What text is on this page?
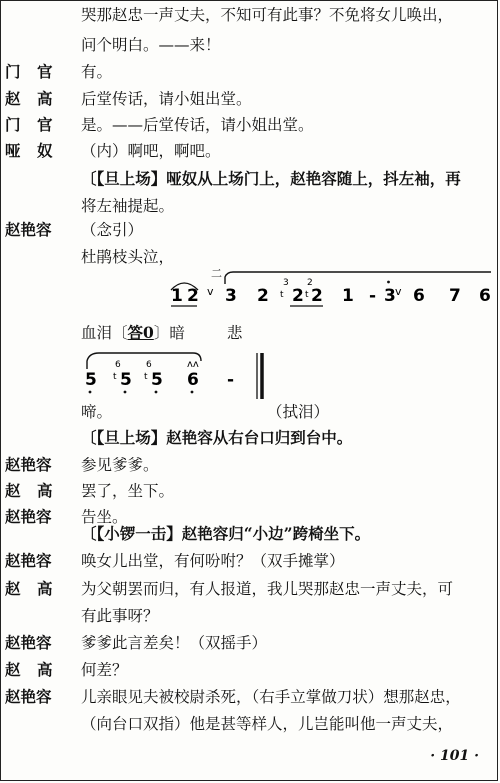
哭那赵忠一声丈夫，不知可有此事？不免将女儿唤出，
问个明白。——来！
门 官	有。
赵 高	后堂传话，请小姐出堂。
门 官	是。——后堂传话，请小姐出堂。
哑 奴	（内）啊吧，啊吧。
〔【旦上场】哑奴从上场门上，赵艳容随上，抖左袖，再
将左袖提起。
赵艳容 （念引）
杜鹃枝头泣，
二
v
1 2 3 2
3
t 2
2
t 2 1 - 3 v 6 7 6
血泪〔答0〕暗	悲
ʌʌ
5
6
t 5
6
t 5 6 -
啼。	（拭泪）
〔【旦上场】赵艳容从右台口归到台中。
赵艳容 参见爹爹。
赵 高	罢了，坐下。
赵艳容 告坐。
〔【小锣一击】赵艳容归“小边”跨椅坐下。
赵艳容 唤女儿出堂，有何吩咐？（双手摊掌）
赵 高	为父朝罢而归，有人报道，我儿哭那赵忠一声丈夫，可
有此事呀？
赵艳容 爹爹此言差矣！（双摇手）
赵 高	何差？
赵艳容 儿亲眼见夫被校尉杀死，（右手立掌做刀状）想那赵忠，
（向台口双指）他是甚等样人，儿岂能叫他一声丈夫，
· 101 ·
